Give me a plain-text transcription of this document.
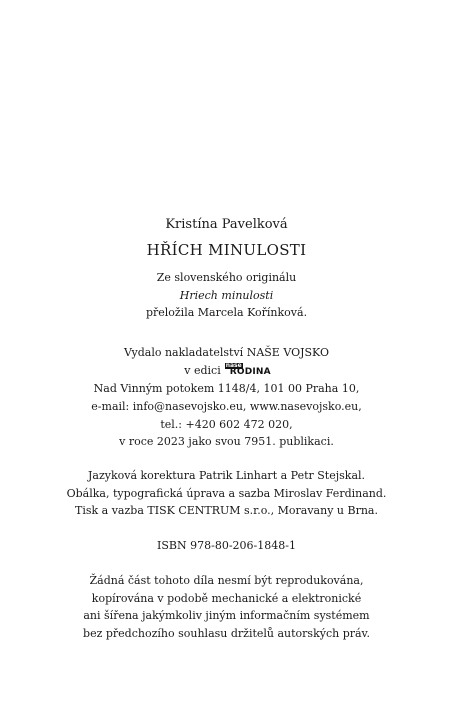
Kristína Pavelková
HŘÍCH MINULOSTI
Ze slovenského originálu
Hriech minulosti
přeložila Marcela Kořínková.
Vydalo nakladatelství NAŠE VOJSKO
v edici naše
RODINA
Nad Vinným potokem 1148/4, 101 00 Praha 10,
e-mail: info@nasevojsko.eu, www.nasevojsko.eu,
tel.: +420 602 472 020,
v roce 2023 jako svou 7951. publikaci.
Jazyková korektura Patrik Linhart a Petr Stejskal.
Obálka, typografická úprava a sazba Miroslav Ferdinand.
Tisk a vazba TISK CENTRUM s.r.o., Moravany u Brna.
ISBN 978-80-206-1848-1
Žádná část tohoto díla nesmí být reprodukována,
kopírována v podobě mechanické a elektronické
ani šířena jakýmkoliv jiným informačním systémem
bez předchozího souhlasu držitelů autorských práv.
